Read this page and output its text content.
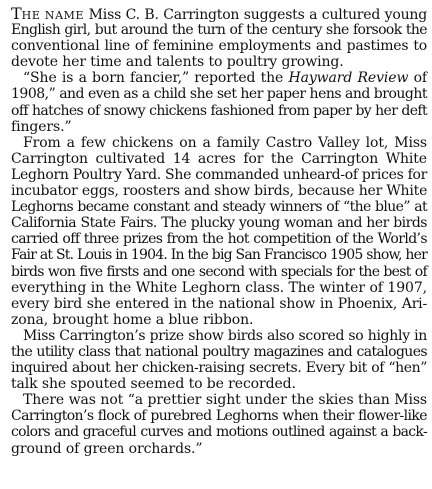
THE NAME Miss C. B. Carrington suggests a cultured young
English girl, but around the turn of the century she forsook the
conventional line of feminine employments and pastimes to
devote her time and talents to poultry growing.
“She is a born fancier,” reported the Hayward Review of
1908,” and even as a child she set her paper hens and brought
off hatches of snowy chickens fashioned from paper by her deft
fingers.”
From a few chickens on a family Castro Valley lot, Miss
Carrington cultivated 14 acres for the Carrington White
Leghorn Poultry Yard. She commanded unheard-of prices for
incubator eggs, roosters and show birds, because her White
Leghorns became constant and steady winners of “the blue” at
California State Fairs. The plucky young woman and her birds
carried off three prizes from the hot competition of the World’s
Fair at St. Louis in 1904. In the big San Francisco 1905 show, her
birds won five firsts and one second with specials for the best of
everything in the White Leghorn class. The winter of 1907,
every bird she entered in the national show in Phoenix, Ari-
zona, brought home a blue ribbon.
Miss Carrington’s prize show birds also scored so highly in
the utility class that national poultry magazines and catalogues
inquired about her chicken-raising secrets. Every bit of “hen”
talk she spouted seemed to be recorded.
There was not “a prettier sight under the skies than Miss
Carrington’s flock of purebred Leghorns when their flower-like
colors and graceful curves and motions outlined against a back-
ground of green orchards.”
